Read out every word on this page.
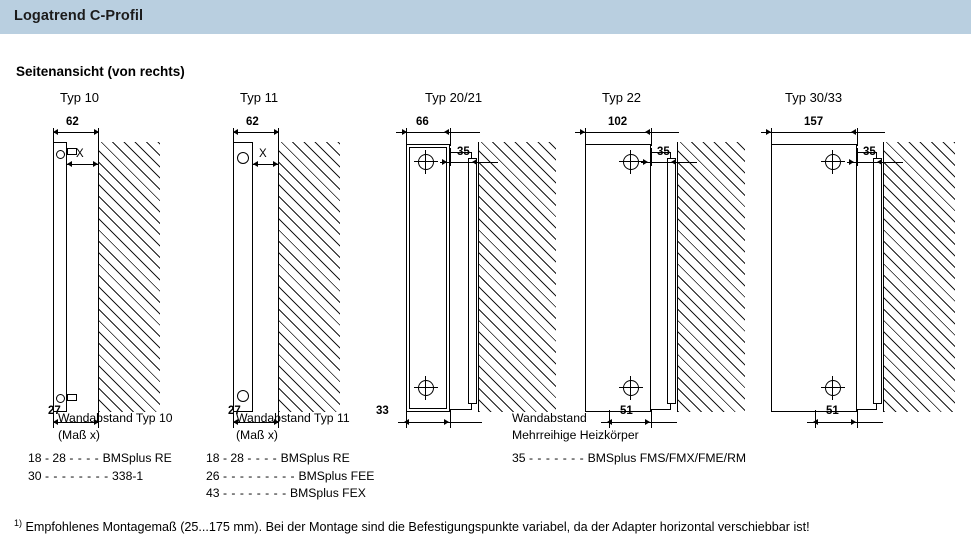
Logatrend C-Profil
Seitenansicht (von rechts)
Typ 10	Typ 11	Typ 20/21	Typ 22	Typ 30/33
62
X
27
62
X
27
66
35
33
102
35
51
157
35
51
Wandabstand Typ 10
(Maß x)
18 - 28 - - - - BMSplus RE
30 - - - - - - - - 338-1
Wandabstand Typ 11
(Maß x)
18 - 28 - - - - BMSplus RE
26 - - - - - - - - - BMSplus FEE
43 - - - - - - - - BMSplus FEX
Wandabstand
Mehrreihige Heizkörper
35 - - - - - - - BMSplus FMS/FMX/FME/RM
$^{1)}$ Empfohlenes Montagemaß (25...175 mm). Bei der Montage sind die Befestigungspunkte variabel, da der Adapter horizontal verschiebbar ist!
